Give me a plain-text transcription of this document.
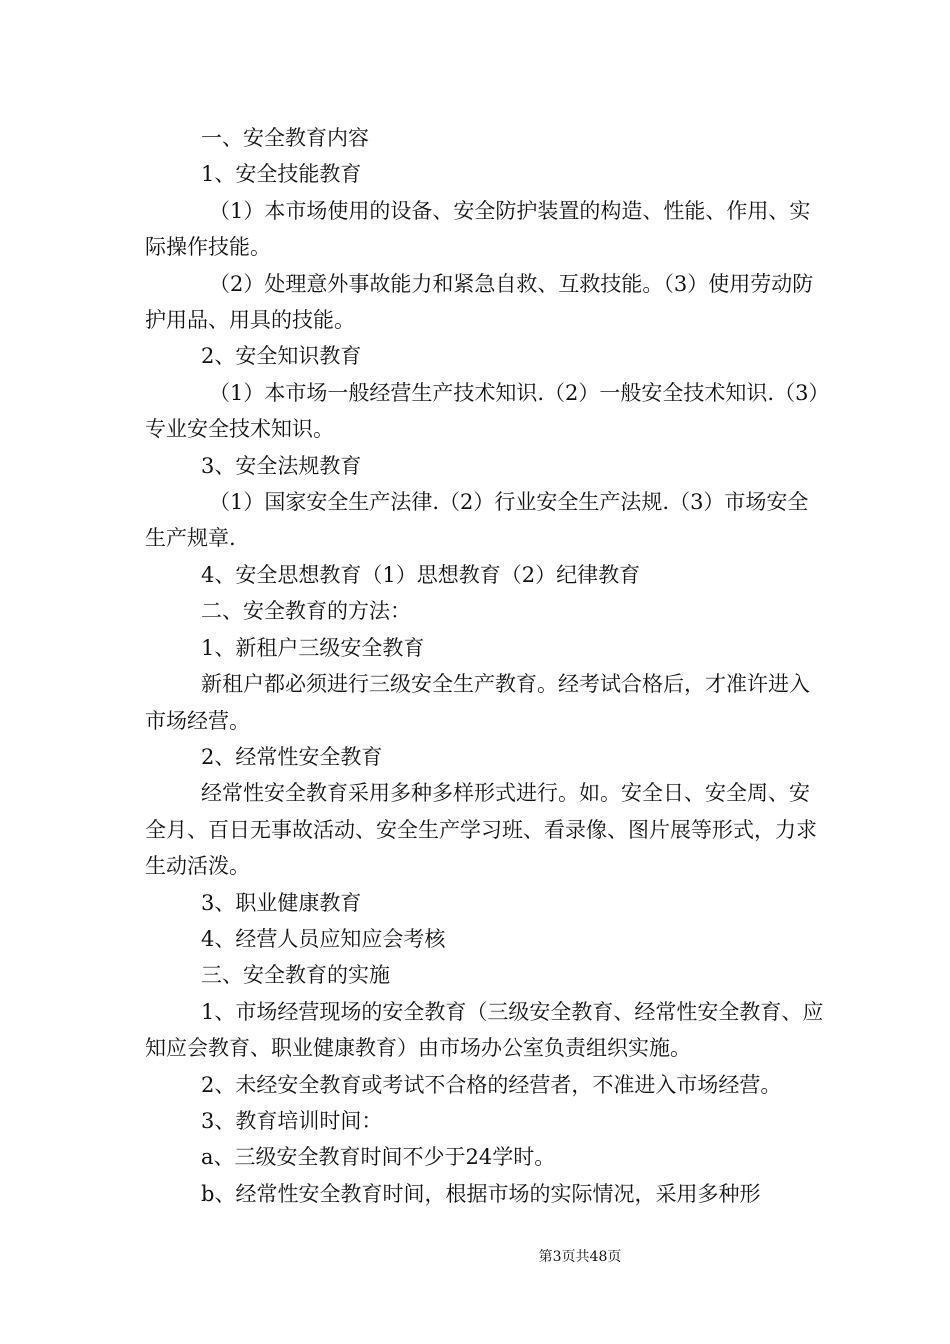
一、安全教育内容

1、安全技能教育

（1）本市场使用的设备、安全防护装置的构造、性能、作用、实际操作技能。

（2）处理意外事故能力和紧急自救、互救技能。（3）使用劳动防护用品、用具的技能。

2、安全知识教育

（1）本市场一般经营生产技术知识.（2）一般安全技术知识.（3）专业安全技术知识。

3、安全法规教育

（1）国家安全生产法律.（2）行业安全生产法规.（3）市场安全生产规章.

4、安全思想教育（1）思想教育（2）纪律教育

二、安全教育的方法：

1、新租户三级安全教育

新租户都必须进行三级安全生产教育。经考试合格后，才准许进入市场经营。

2、经常性安全教育

经常性安全教育采用多种多样形式进行。如。安全日、安全周、安全月、百日无事故活动、安全生产学习班、看录像、图片展等形式，力求生动活泼。

3、职业健康教育

4、经营人员应知应会考核

三、安全教育的实施

1、市场经营现场的安全教育（三级安全教育、经常性安全教育、应知应会教育、职业健康教育）由市场办公室负责组织实施。

2、未经安全教育或考试不合格的经营者，不准进入市场经营。

3、教育培训时间：

a、三级安全教育时间不少于24学时。

b、经常性安全教育时间，根据市场的实际情况，采用多种形

第3页共48页
